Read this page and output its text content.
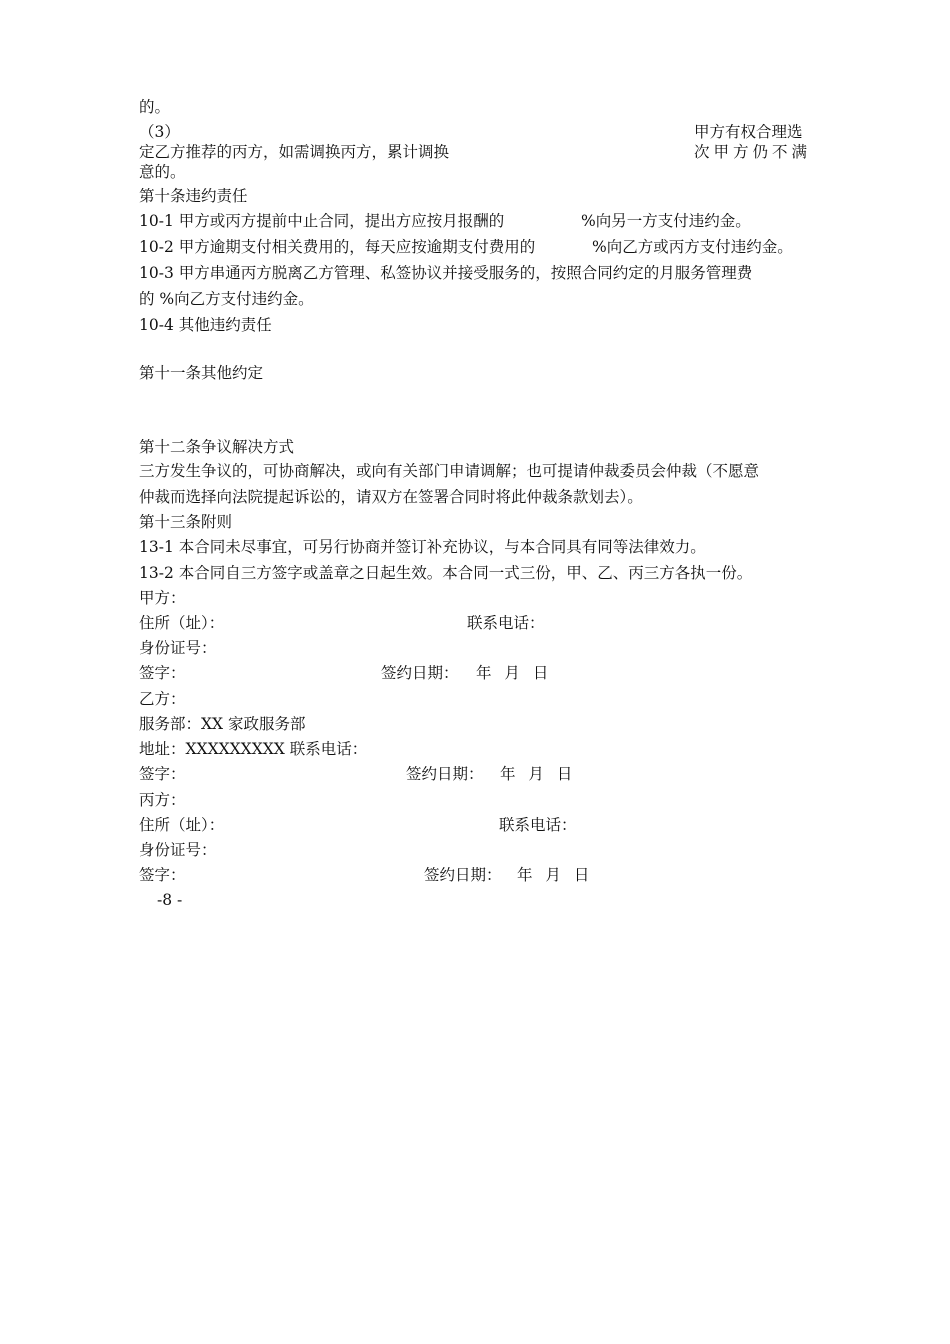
的。
（3）	甲方有权合理选
定乙方推荐的丙方，如需调换丙方，累计调换	次甲方仍不满
意的。
第十条违约责任
10-1 甲方或丙方提前中止合同，提出方应按月报酬的	%向另一方支付违约金。
10-2 甲方逾期支付相关费用的，每天应按逾期支付费用的	%向乙方或丙方支付违约金。
10-3 甲方串通丙方脱离乙方管理、私签协议并接受服务的，按照合同约定的月服务管理费
的 %向乙方支付违约金。
10-4 其他违约责任
第十一条其他约定
第十二条争议解决方式
三方发生争议的，可协商解决，或向有关部门申请调解；也可提请仲裁委员会仲裁（不愿意
仲裁而选择向法院提起诉讼的，请双方在签署合同时将此仲裁条款划去）。
第十三条附则
13-1 本合同未尽事宜，可另行协商并签订补充协议，与本合同具有同等法律效力。
13-2 本合同自三方签字或盖章之日起生效。本合同一式三份，甲、乙、丙三方各执一份。
甲方：
住所（址）：	联系电话：
身份证号：
签字：	签约日期： 年 月 日
乙方：
服务部：XX 家政服务部
地址：XXXXXXXXX 联系电话：
签字：	签约日期： 年 月 日
丙方：
住所（址）：	联系电话：
身份证号：
签字：	签约日期： 年 月 日
-8 -
